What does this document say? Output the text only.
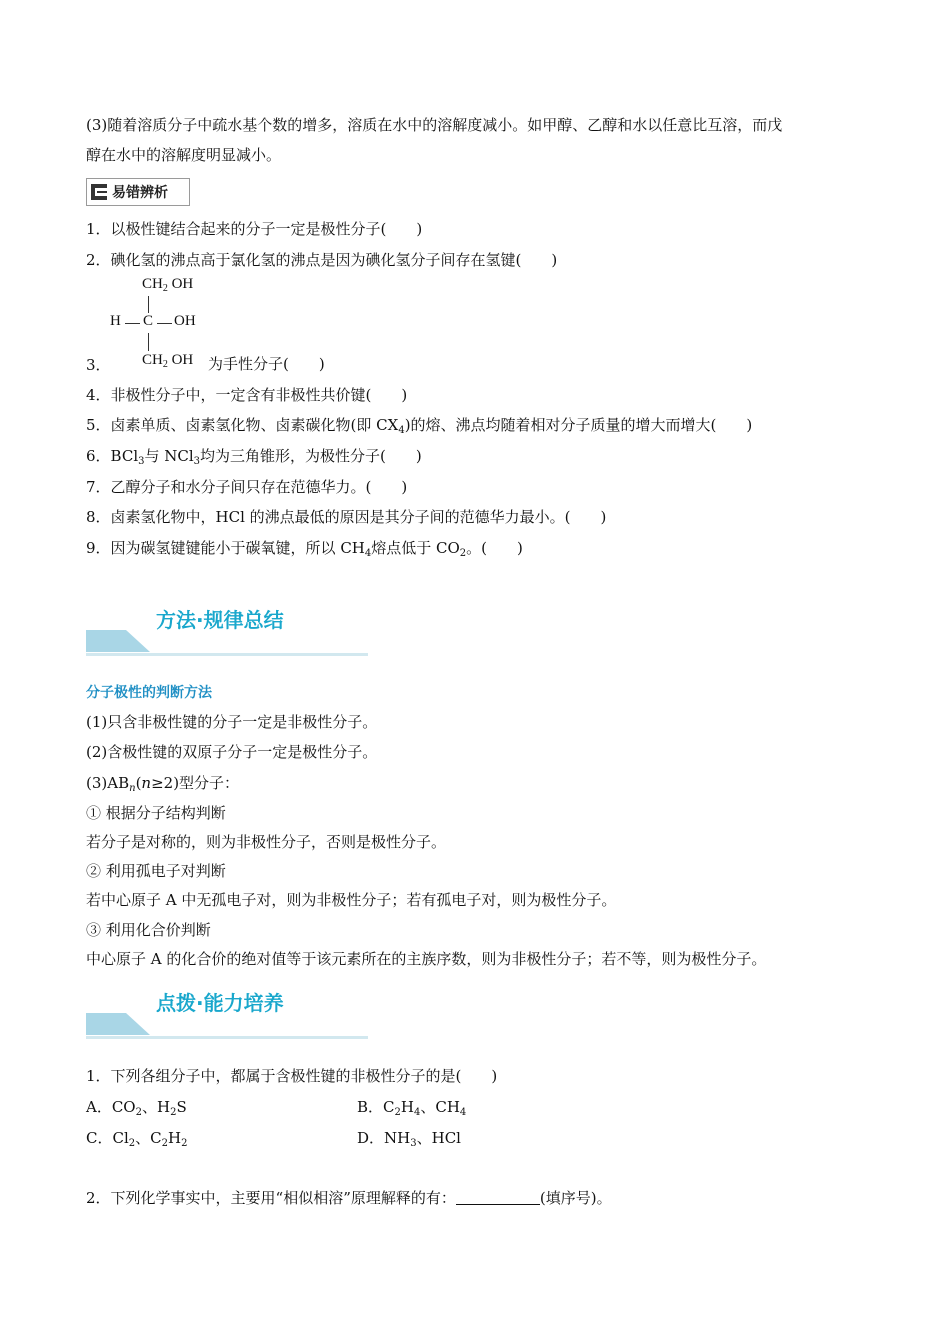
(3)随着溶质分子中疏水基个数的增多，溶质在水中的溶解度减小。如甲醇、乙醇和水以任意比互溶，而戊
醇在水中的溶解度明显减小。
易错辨析
1．以极性键结合起来的分子一定是极性分子(　　)
2．碘化氢的沸点高于氯化氢的沸点是因为碘化氢分子间存在氢键(　　)
$CH_2$ OH
H C OH
$CH_2$ OH
3．	为手性分子(　　)
4．非极性分子中，一定含有非极性共价键(　　)
5．卤素单质、卤素氢化物、卤素碳化物(即 $CX_4$)的熔、沸点均随着相对分子质量的增大而增大(　　)
6．BCl$_3$与 NCl$_3$均为三角锥形，为极性分子(　　)
7．乙醇分子和水分子间只存在范德华力。(　　)
8．卤素氢化物中，HCl 的沸点最低的原因是其分子间的范德华力最小。(　　)
9．因为碳氢键键能小于碳氧键，所以 $CH_4$熔点低于 $CO_2$。(　　)
方法·规律总结
分子极性的判断方法
(1)只含非极性键的分子一定是非极性分子。
(2)含极性键的双原子分子一定是极性分子。
$(3)AB_n(n\ge 2)$型分子：
① 根据分子结构判断
若分子是对称的，则为非极性分子，否则是极性分子。
② 利用孤电子对判断
若中心原子 A 中无孤电子对，则为非极性分子；若有孤电子对，则为极性分子。
③ 利用化合价判断
中心原子 A 的化合价的绝对值等于该元素所在的主族序数，则为非极性分子；若不等，则为极性分子。
点拨·能力培养
1．下列各组分子中，都属于含极性键的非极性分子的是(　　)
A．$CO_2$、$H_2S$	B．$C_2H_4$、$CH_4$
C．$Cl_2$、$C_2H_2$	D．$NH_3$、HCl
2．下列化学事实中，主要用“相似相溶”原理解释的有：	(填序号)。
